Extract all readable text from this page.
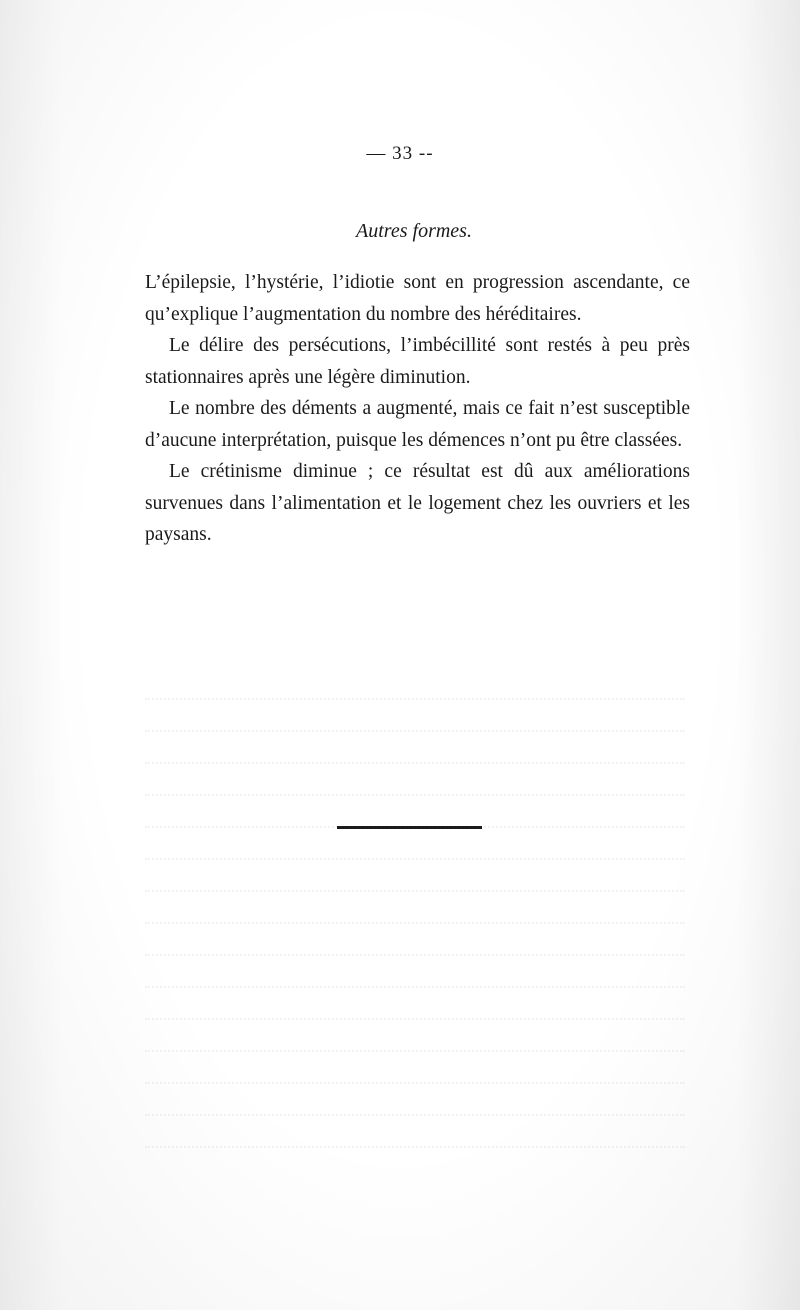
— 33 --
Autres formes.

L’épilepsie, l’hystérie, l’idiotie sont en progression ascendante, ce qu’explique l’augmentation du nombre des héréditaires.

Le délire des persécutions, l’imbécillité sont restés à peu près stationnaires après une légère diminution.

Le nombre des déments a augmenté, mais ce fait n’est susceptible d’aucune interprétation, puisque les démences n’ont pu être classées.

Le crétinisme diminue ; ce résultat est dû aux améliorations survenues dans l’alimentation et le logement chez les ouvriers et les paysans.
